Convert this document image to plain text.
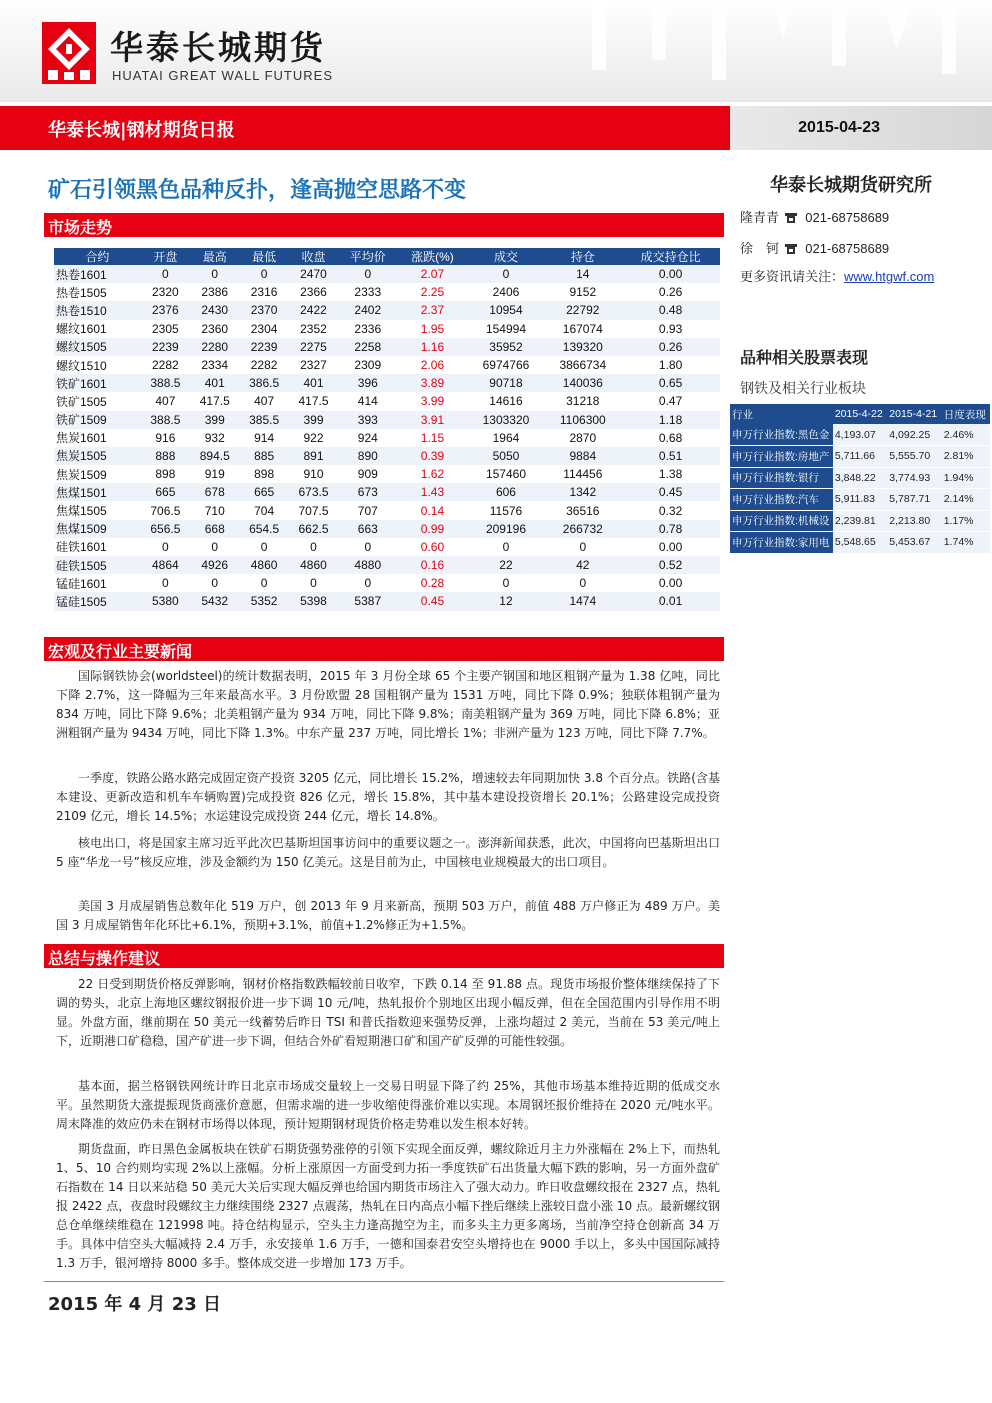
华泰长城期货
HUATAI GREAT WALL FUTURES
华泰长城|钢材期货日报	2015-04-23
矿石引领黑色品种反扑，逢高抛空思路不变
市场走势
合约	开盘	最高	最低	收盘	平均价	涨跌(%)	成交	持仓	成交持仓比
热卷1601	0	0	0	2470	0	2.07	0	14	0.00
热卷1505	2320	2386	2316	2366	2333	2.25	2406	9152	0.26
热卷1510	2376	2430	2370	2422	2402	2.37	10954	22792	0.48
螺纹1601	2305	2360	2304	2352	2336	1.95	154994	167074	0.93
螺纹1505	2239	2280	2239	2275	2258	1.16	35952	139320	0.26
螺纹1510	2282	2334	2282	2327	2309	2.06	6974766	3866734	1.80
铁矿1601	388.5	401	386.5	401	396	3.89	90718	140036	0.65
铁矿1505	407	417.5	407	417.5	414	3.99	14616	31218	0.47
铁矿1509	388.5	399	385.5	399	393	3.91	1303320	1106300	1.18
焦炭1601	916	932	914	922	924	1.15	1964	2870	0.68
焦炭1505	888	894.5	885	891	890	0.39	5050	9884	0.51
焦炭1509	898	919	898	910	909	1.62	157460	114456	1.38
焦煤1501	665	678	665	673.5	673	1.43	606	1342	0.45
焦煤1505	706.5	710	704	707.5	707	0.14	11576	36516	0.32
焦煤1509	656.5	668	654.5	662.5	663	0.99	209196	266732	0.78
硅铁1601	0	0	0	0	0	0.60	0	0	0.00
硅铁1505	4864	4926	4860	4860	4880	0.16	22	42	0.52
锰硅1601	0	0	0	0	0	0.28	0	0	0.00
锰硅1505	5380	5432	5352	5398	5387	0.45	12	1474	0.01
宏观及行业主要新闻
国际钢铁协会(worldsteel)的统计数据表明，2015 年 3 月份全球 65 个主要产钢国和地区粗钢产量为 1.38 亿吨，同比下降 2.7%，这一降幅为三年来最高水平。3 月份欧盟 28 国粗钢产量为 1531 万吨，同比下降 0.9%；独联体粗钢产量为 834 万吨，同比下降 9.6%；北美粗钢产量为 934 万吨，同比下降 9.8%；南美粗钢产量为 369 万吨，同比下降 6.8%；亚洲粗钢产量为 9434 万吨，同比下降 1.3%。中东产量 237 万吨，同比增长 1%；非洲产量为 123 万吨，同比下降 7.7%。
一季度，铁路公路水路完成固定资产投资 3205 亿元，同比增长 15.2%，增速较去年同期加快 3.8 个百分点。铁路(含基本建设、更新改造和机车车辆购置)完成投资 826 亿元，增长 15.8%，其中基本建设投资增长 20.1%；公路建设完成投资 2109 亿元，增长 14.5%；水运建设完成投资 244 亿元，增长 14.8%。
核电出口，将是国家主席习近平此次巴基斯坦国事访问中的重要议题之一。澎湃新闻获悉，此次，中国将向巴基斯坦出口 5 座“华龙一号”核反应堆，涉及金额约为 150 亿美元。这是目前为止，中国核电业规模最大的出口项目。
美国 3 月成屋销售总数年化 519 万户，创 2013 年 9 月来新高，预期 503 万户，前值 488 万户修正为 489 万户。美国 3 月成屋销售年化环比+6.1%，预期+3.1%，前值+1.2%修正为+1.5%。
总结与操作建议
22 日受到期货价格反弹影响，钢材价格指数跌幅较前日收窄，下跌 0.14 至 91.88 点。现货市场报价整体继续保持了下调的势头，北京上海地区螺纹钢报价进一步下调 10 元/吨，热轧报价个别地区出现小幅反弹，但在全国范围内引导作用不明显。外盘方面，继前期在 50 美元一线蓄势后昨日 TSI 和普氏指数迎来强势反弹，上涨均超过 2 美元，当前在 53 美元/吨上下，近期港口矿稳稳，国产矿进一步下调，但结合外矿看短期港口矿和国产矿反弹的可能性较强。
基本面，据兰格钢铁网统计昨日北京市场成交量较上一交易日明显下降了约 25%，其他市场基本维持近期的低成交水平。虽然期货大涨提振现货商涨价意愿，但需求端的进一步收缩使得涨价难以实现。本周钢坯报价维持在 2020 元/吨水平。周末降准的效应仍未在钢材市场得以体现，预计短期钢材现货价格走势难以发生根本好转。
期货盘面，昨日黑色金属板块在铁矿石期货强势涨停的引领下实现全面反弹，螺纹除近月主力外涨幅在 2%上下，而热轧 1、5、10 合约则均实现 2%以上涨幅。分析上涨原因一方面受到力拓一季度铁矿石出货量大幅下跌的影响，另一方面外盘矿石指数在 14 日以来站稳 50 美元大关后实现大幅反弹也给国内期货市场注入了强大动力。昨日收盘螺纹报在 2327 点，热轧报 2422 点，夜盘时段螺纹主力继续围绕 2327 点震荡，热轧在日内高点小幅下挫后继续上涨较日盘小涨 10 点。最新螺纹钢总仓单继续维稳在 121998 吨。持仓结构显示，空头主力逢高抛空为主，而多头主力更多离场，当前净空持仓创新高 34 万手。具体中信空头大幅减持 2.4 万手，永安接单 1.6 万手，一德和国泰君安空头增持也在 9000 手以上，多头中国国际减持 1.3 万手，银河增持 8000 多手。整体成交进一步增加 173 万手。
2015 年 4 月 23 日
华泰长城期货研究所
隆青青 021-68758689
徐　钶 021-68758689
更多资讯请关注：www.htgwf.com
品种相关股票表现
钢铁及相关行业板块
行业	2015-4-22	2015-4-21	日度表现
申万行业指数:黑色金	4,193.07	4,092.25	2.46%
申万行业指数:房地产	5,711.66	5,555.70	2.81%
申万行业指数:银行	3,848.22	3,774.93	1.94%
申万行业指数:汽车	5,911.83	5,787.71	2.14%
申万行业指数:机械设	2,239.81	2,213.80	1.17%
申万行业指数:家用电	5,548.65	5,453.67	1.74%
